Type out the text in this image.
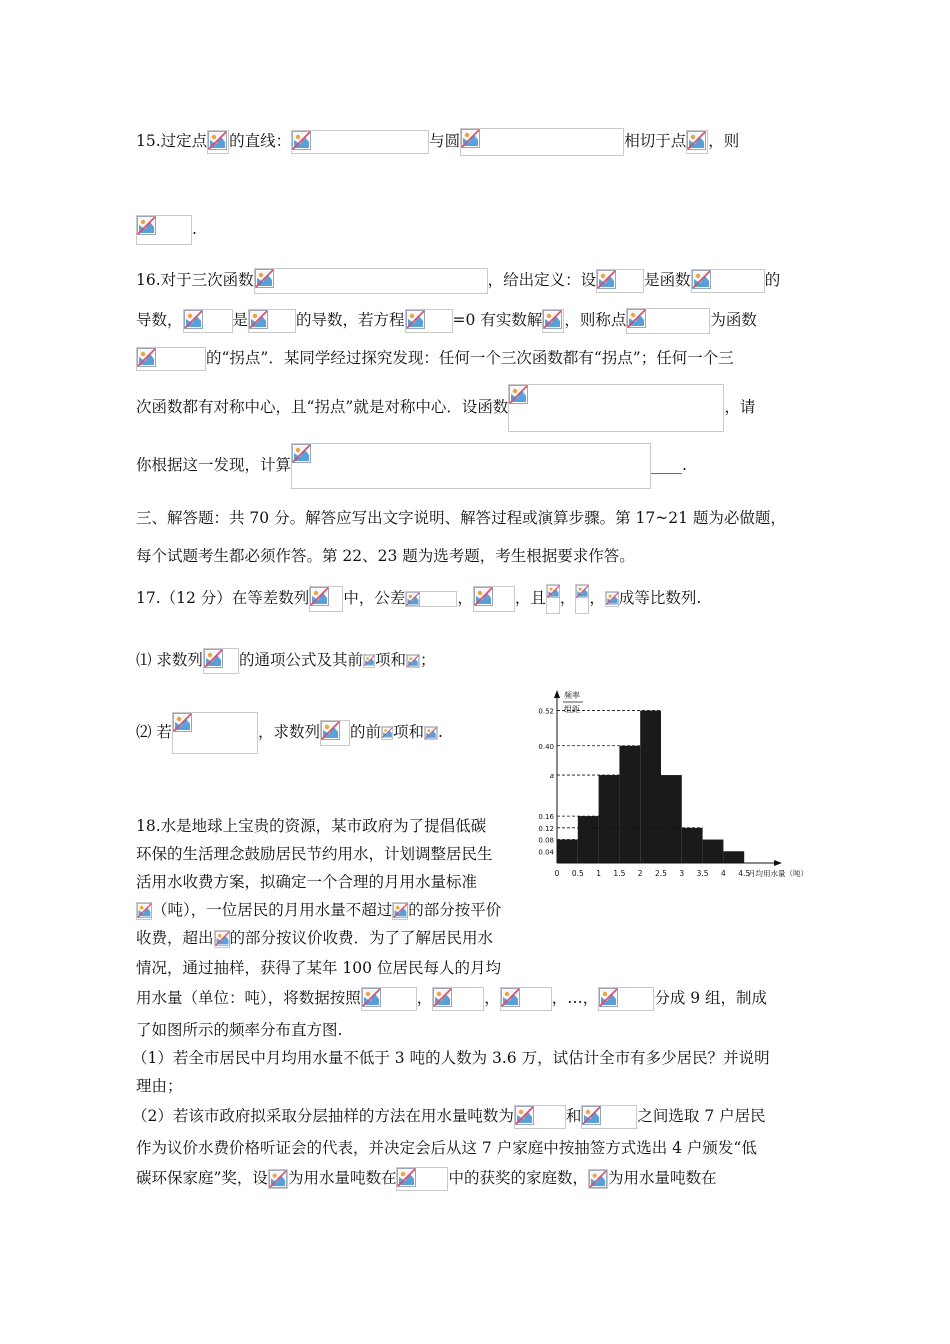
15.过定点 的直线：	与圆	相切于点 ，则
.
16.对于三次函数	，给出定义：设	是函数	的
导数，	是	的导数，若方程	=0 有实数解 ，则称点	为函数
的“拐点”．某同学经过探究发现：任何一个三次函数都有“拐点”；任何一个三
次函数都有对称中心，且“拐点”就是对称中心．设函数	，请
你根据这一发现，计算	____.
三、解答题：共 70 分。解答应写出文字说明、解答过程或演算步骤。第 17~21 题为必做题，
每个试题考生都必须作答。第 22、23 题为选考题，考生根据要求作答。
17.（12 分）在等差数列 中，公差	，	，且 ， ， 成等比数列.
⑴ 求数列 的通项公式及其前 项和 ；
⑵ 若	，求数列 的前 项和 .
0.04
0.08
0.12
0.16
a
0.40
0.52
0 0.5 1 1.5 2 2.5 3 3.5 4 4.5
月均用水量（吨）
频率
组距
18.水是地球上宝贵的资源，某市政府为了提倡低碳
环保的生活理念鼓励居民节约用水，计划调整居民生
活用水收费方案，拟确定一个合理的月用水量标准
（吨），一位居民的月用水量不超过 的部分按平价
收费，超出 的部分按议价收费．为了了解居民用水
情况，通过抽样，获得了某年 100 位居民每人的月均
用水量（单位：吨），将数据按照	，	，	，…，	分成 9 组，制成
了如图所示的频率分布直方图.
（1）若全市居民中月均用水量不低于 3 吨的人数为 3.6 万，试估计全市有多少居民？并说明
理由；
（2）若该市政府拟采取分层抽样的方法在用水量吨数为	和	之间选取 7 户居民
作为议价水费价格听证会的代表，并决定会后从这 7 户家庭中按抽签方式选出 4 户颁发“低
碳环保家庭”奖，设 为用水量吨数在	中的获奖的家庭数， 为用水量吨数在
